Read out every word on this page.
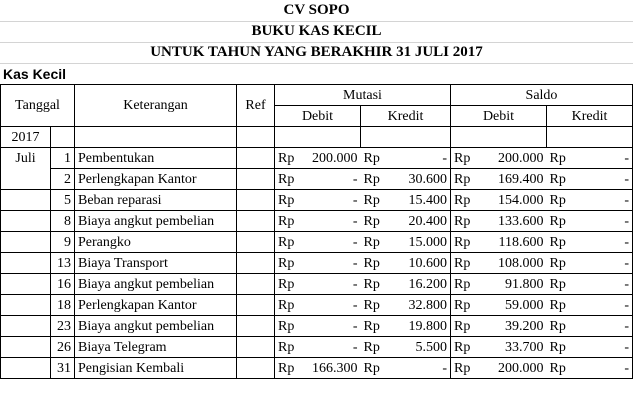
CV SOPO
BUKU KAS KECIL
UNTUK TAHUN YANG BERAKHIR 31 JULI 2017
Kas Kecil
Tanggal		Keterangan	Ref	Mutasi		Saldo	
				Debit	Kredit	Debit	Kredit
2017							
Juli	1	Pembentukan		Rp 200.000	Rp -	Rp 200.000	Rp -

	2	Perlengkapan Kantor		Rp -	Rp 30.600	Rp 169.400	Rp -

	5	Beban reparasi		Rp -	Rp 15.400	Rp 154.000	Rp -

	8	Biaya angkut pembelian		Rp -	Rp 20.400	Rp 133.600	Rp -

	9	Perangko		Rp -	Rp 15.000	Rp 118.600	Rp -

	13	Biaya Transport		Rp -	Rp 10.600	Rp 108.000	Rp -

	16	Biaya angkut pembelian		Rp -	Rp 16.200	Rp 91.800	Rp -

	18	Perlengkapan Kantor		Rp -	Rp 32.800	Rp 59.000	Rp -

	23	Biaya angkut pembelian		Rp -	Rp 19.800	Rp 39.200	Rp -

	26	Biaya Telegram		Rp -	Rp 5.500	Rp 33.700	Rp -

	31	Pengisian Kembali		Rp 166.300	Rp -	Rp 200.000	Rp -
